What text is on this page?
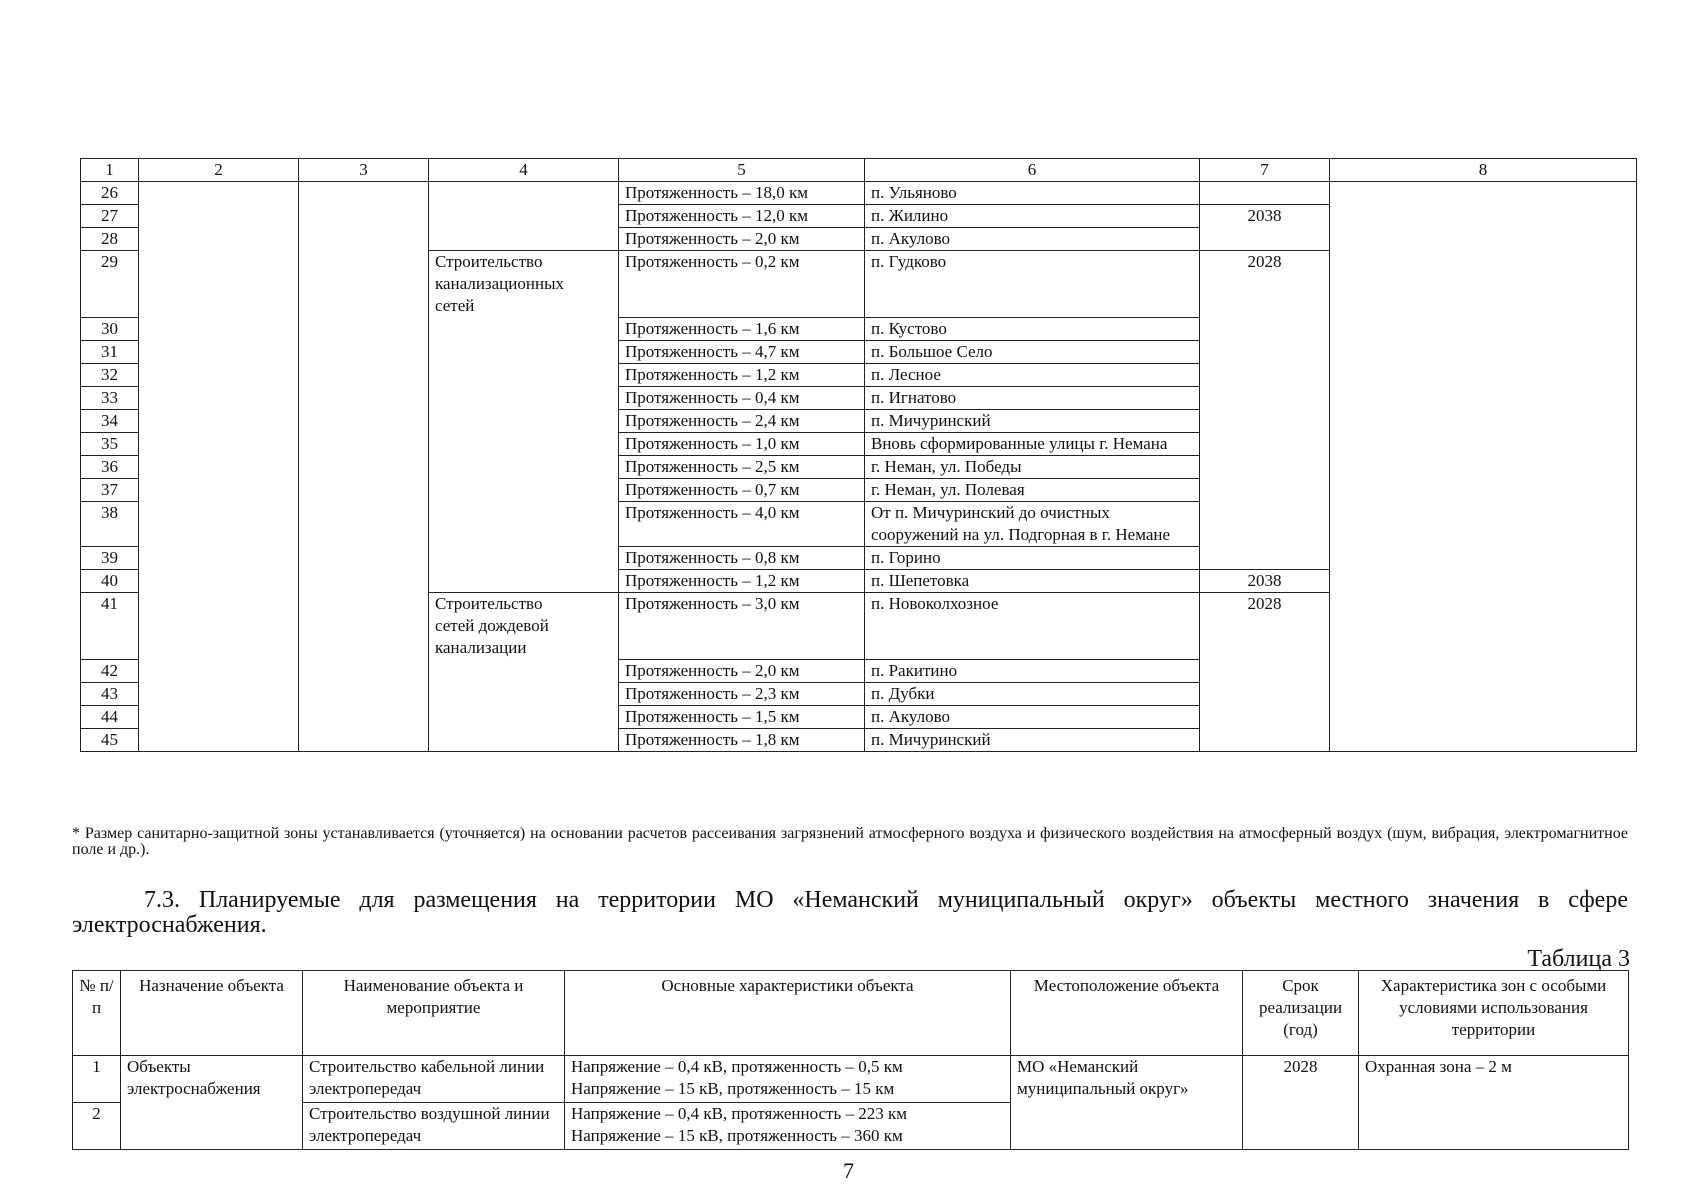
1	2	3	4	5	6	7	8
26				Протяженность – 18,0 км	п. Ульяново		
27				Протяженность – 12,0 км	п. Жилино	2038	
28				Протяженность – 2,0 км	п. Акулово		
29			Строительство канализационных сетей	Протяженность – 0,2 км	п. Гудково	2028	
30				Протяженность – 1,6 км	п. Кустово		
31				Протяженность – 4,7 км	п. Большое Село		
32				Протяженность – 1,2 км	п. Лесное		
33				Протяженность – 0,4 км	п. Игнатово		
34				Протяженность – 2,4 км	п. Мичуринский		
35				Протяженность – 1,0 км	Вновь сформированные улицы г. Немана		
36				Протяженность – 2,5 км	г. Неман, ул. Победы		
37				Протяженность – 0,7 км	г. Неман, ул. Полевая		
38				Протяженность – 4,0 км	От п. Мичуринский до очистных сооружений на ул. Подгорная в г. Немане		
39				Протяженность – 0,8 км	п. Горино		
40				Протяженность – 1,2 км	п. Шепетовка	2038	
41			Строительство сетей дождевой канализации	Протяженность – 3,0 км	п. Новоколхозное	2028	
42				Протяженность – 2,0 км	п. Ракитино		
43				Протяженность – 2,3 км	п. Дубки		
44				Протяженность – 1,5 км	п. Акулово		
45				Протяженность – 1,8 км	п. Мичуринский		
* Размер санитарно-защитной зоны устанавливается (уточняется) на основании расчетов рассеивания загрязнений атмосферного воздуха и физического воздействия на атмосферный воздух (шум, вибрация, электромагнитное поле и др.).
7.3. Планируемые для размещения на территории МО «Неманский муниципальный округ» объекты местного значения в сфере электроснабжения.
Таблица 3
№ п/п	Назначение объекта	Наименование объекта и мероприятие	Основные характеристики объекта	Местоположение объекта	Срок реализации (год)	Характеристика зон с особыми условиями использования территории
1	Объекты электроснабжения	Строительство кабельной линии электропередач	Напряжение – 0,4 кВ, протяженность – 0,5 км
Напряжение – 15 кВ, протяженность – 15 км	МО «Неманский муниципальный округ»	2028	Охранная зона – 2 м
2		Строительство воздушной линии электропередач	Напряжение – 0,4 кВ, протяженность – 223 км
Напряжение – 15 кВ, протяженность – 360 км			
7
